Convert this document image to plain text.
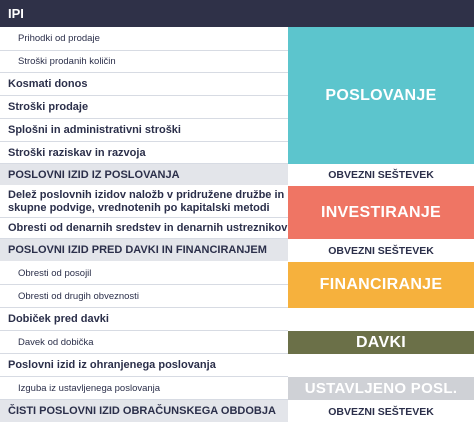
IPI
Prihodki od prodaje
Stroški prodanih količin
Kosmati donos
Stroški prodaje
Splošni in administrativni stroški
Stroški raziskav in razvoja
POSLOVNI IZID IZ POSLOVANJA
Delež poslovnih izidov naložb v pridružene družbe in
skupne podvige, vrednotenih po kapitalski metodi
Obresti od denarnih sredstev in denarnih ustreznikov
POSLOVNI IZID PRED DAVKI IN FINANCIRANJEM
Obresti od posojil
Obresti od drugih obveznosti
Dobiček pred davki
Davek od dobička
Poslovni izid iz ohranjenega poslovanja
Izguba iz ustavljenega poslovanja
ČISTI POSLOVNI IZID OBRAČUNSKEGA OBDOBJA
POSLOVANJE
OBVEZNI SEŠTEVEK
INVESTIRANJE
OBVEZNI SEŠTEVEK
FINANCIRANJE
DAVKI
USTAVLJENO POSL.
OBVEZNI SEŠTEVEK
